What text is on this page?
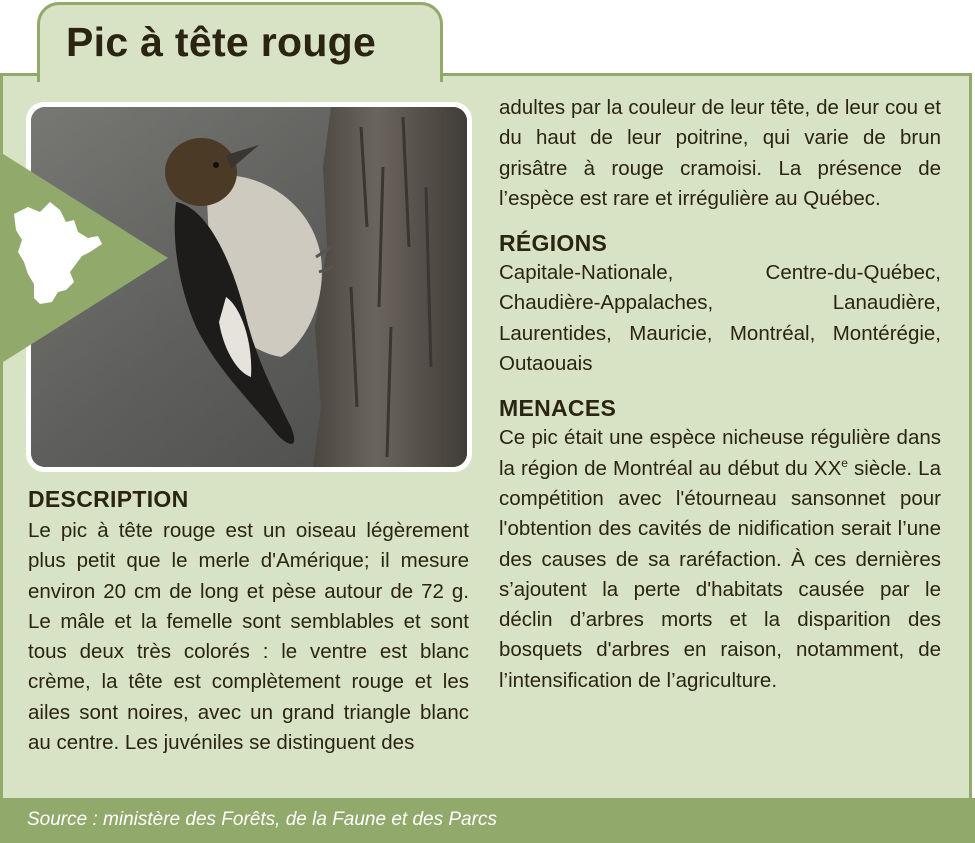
Pic à tête rouge
DESCRIPTION

Le pic à tête rouge est un oiseau légèrement plus petit que le merle d'Amérique; il mesure environ 20 cm de long et pèse autour de 72 g. Le mâle et la femelle sont semblables et sont tous deux très colorés : le ventre est blanc crème, la tête est complètement rouge et les ailes sont noires, avec un grand triangle blanc au centre. Les juvéniles se distinguent des

adultes par la couleur de leur tête, de leur cou et du haut de leur poitrine, qui varie de brun grisâtre à rouge cramoisi. La présence de l’espèce est rare et irrégulière au Québec.

RÉGIONS

Capitale-Nationale, Centre-du-Québec, Chaudière-Appalaches, Lanaudière, Laurentides, Mauricie, Montréal, Montérégie, Outaouais

MENACES

Ce pic était une espèce nicheuse régulière dans la région de Montréal au début du XXe siècle. La compétition avec l'étourneau sansonnet pour l'obtention des cavités de nidification serait l’une des causes de sa raréfaction. À ces dernières s’ajoutent la perte d'habitats causée par le déclin d’arbres morts et la disparition des bosquets d'arbres en raison, notamment, de l’intensification de l’agriculture.

Source : ministère des Forêts, de la Faune et des Parcs
